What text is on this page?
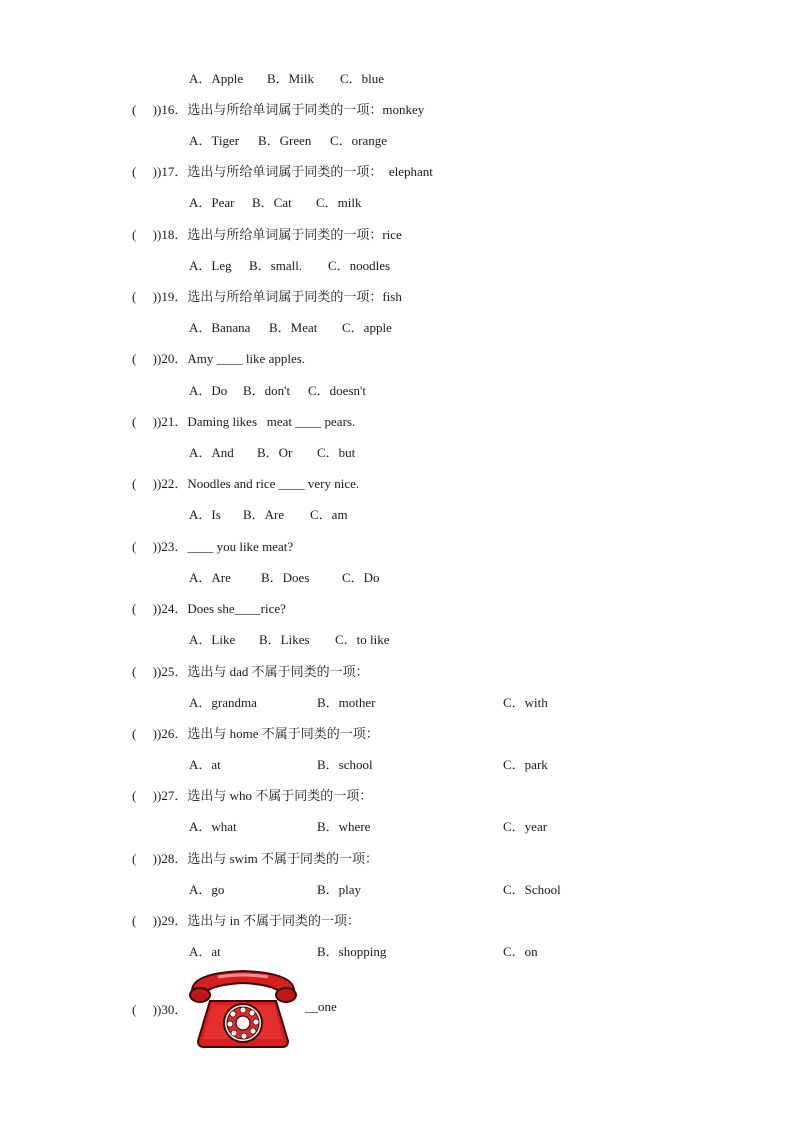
A．Apple B．Milk C．blue
(　 ) )16．选出与所给单词属于同类的一项：monkey
A．Tiger B．Green C．orange
(　 ) )17．选出与所给单词属于同类的一项：  elephant
A．Pear B．Cat C．milk
(　 ) )18．选出与所给单词属于同类的一项：rice
A．Leg B．small. C．noodles
(　 ) )19．选出与所给单词属于同类的一项：fish
A．Banana B．Meat C．apple
(　 ) )20．Amy ____ like apples.
A．Do B．don't C．doesn't
(　 ) )21．Daming likes   meat ____ pears.
A．And B．Or C．but
(　 ) )22．Noodles and rice ____ very nice.
A．Is B．Are C．am
(　 ) )23．____ you like meat?
A．Are B．Does	C．Do
(　 ) )24．Does she____rice?
A．Like B．Likes C．to like
(　 ) )25．选出与 dad 不属于同类的一项：
A．grandma	B．mother	C．with
(　 ) )26．选出与 home 不属于同类的一项：
A．at	B．school	C．park
(　 ) )27．选出与 who 不属于同类的一项：
A．what	B．where	C．year
(　 ) )28．选出与 swim 不属于同类的一项：
A．go	B．play	C．School
(　 ) )29．选出与 in 不属于同类的一项：
A．at	B．shopping	C．on
(　 ) )30．	__one
